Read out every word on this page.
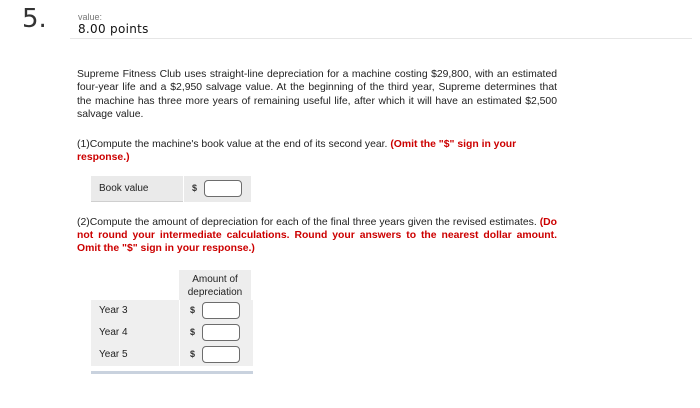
5.	value:
8.00 points

Supreme Fitness Club uses straight-line depreciation for a machine costing $29,800, with an estimated four-year life and a $2,950 salvage value. At the beginning of the third year, Supreme determines that the machine has three more years of remaining useful life, after which it will have an estimated $2,500 salvage value.

(1)Compute the machine's book value at the end of its second year. (Omit the "$" sign in your response.)
Book value	$
(2)Compute the amount of depreciation for each of the final three years given the revised estimates. (Do not round your intermediate calculations. Round your answers to the nearest dollar amount. Omit the "$" sign in your response.)
Amount of depreciation
Year 3	$
Year 4	$
Year 5	$
